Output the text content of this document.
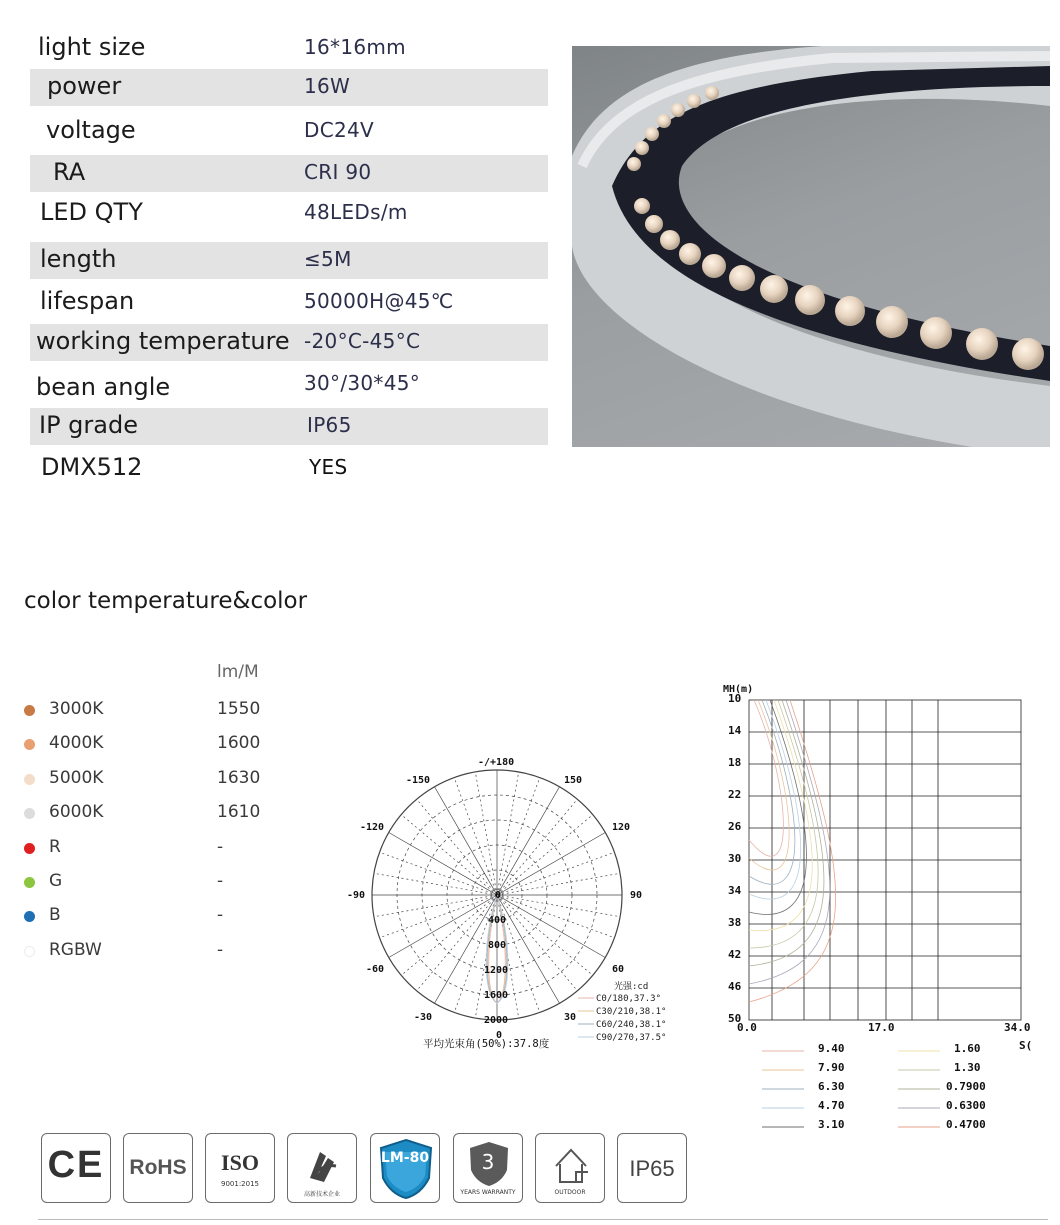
light size	16*16mm
power	16W
voltage	DC24V
RA	CRI 90
LED QTY	48LEDs/m
length	≤5M
lifespan	50000H@45℃
working temperature -20°C-45°C
bean angle	30°/30*45°
IP grade	IP65
DMX512	YES
color temperature&color
lm/M
3000K	1550
4000K	1600
5000K	1630
6000K	1610
R	-
G	-
B	-
RGBW	-
-/+180
-150	150
-120	120
-90	90
-60	60
-30	30
0
0
400
800
1200
1600
2000
光强:cd
C0/180,37.3°
C30/210,38.1°
C60/240,38.1°
C90/270,37.5°
平均光束角(50%):37.8度
MH(m)
10
14
18
22
26
30
34
38
42
46
50
0.0	17.0	34.0
S(
9.40
7.90
6.30
4.70
3.10
1.60
1.30
0.7900
0.6300
0.4700
CE RoHS	ISO
9001:2015
高新技术企业
LM-80	3
YEARS WARRANTY	OUTDOOR
IP65
